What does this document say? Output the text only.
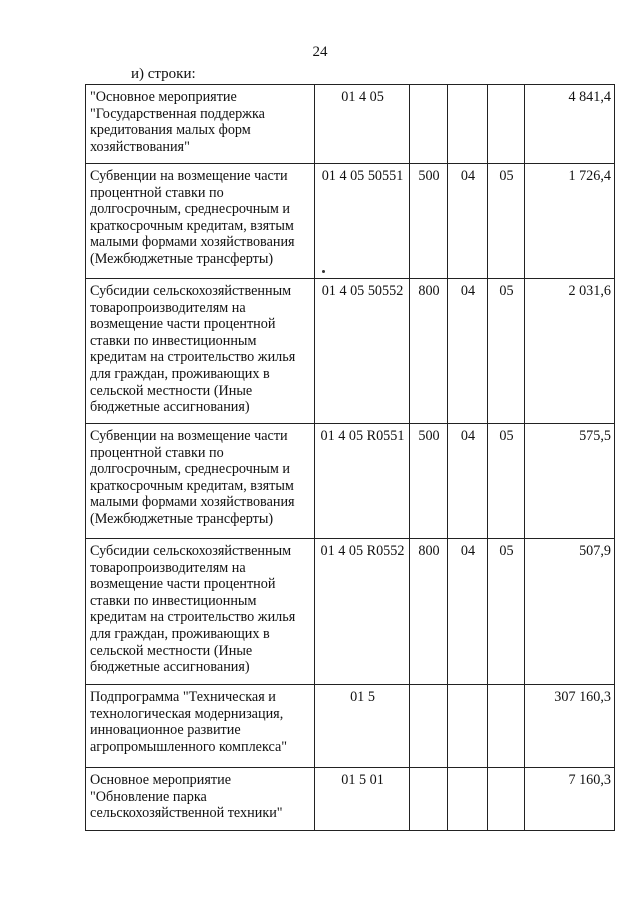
24
и) строки:
"Основное мероприятие "Государственная поддержка кредитования малых форм хозяйствования"	01 4 05				4 841,4
Субвенции на возмещение части процентной ставки по долгосрочным, среднесрочным и краткосрочным кредитам, взятым малыми формами хозяйствования (Межбюджетные трансферты)	01 4 05 50551	500	04	05	1 726,4
Субсидии сельскохозяйственным товаропроизводителям на возмещение части процентной ставки по инвестиционным кредитам на строительство жилья для граждан, проживающих в сельской местности (Иные бюджетные ассигнования)	01 4 05 50552	800	04	05	2 031,6
Субвенции на возмещение части процентной ставки по долгосрочным, среднесрочным и краткосрочным кредитам, взятым малыми формами хозяйствования (Межбюджетные трансферты)	01 4 05 R0551	500	04	05	575,5
Субсидии сельскохозяйственным товаропроизводителям на возмещение части процентной ставки по инвестиционным кредитам на строительство жилья для граждан, проживающих в сельской местности (Иные бюджетные ассигнования)	01 4 05 R0552	800	04	05	507,9
Подпрограмма "Техническая и технологическая модернизация, инновационное развитие агропромышленного комплекса"	01 5				307 160,3
Основное мероприятие "Обновление парка сельскохозяйственной техники"	01 5 01				7 160,3
